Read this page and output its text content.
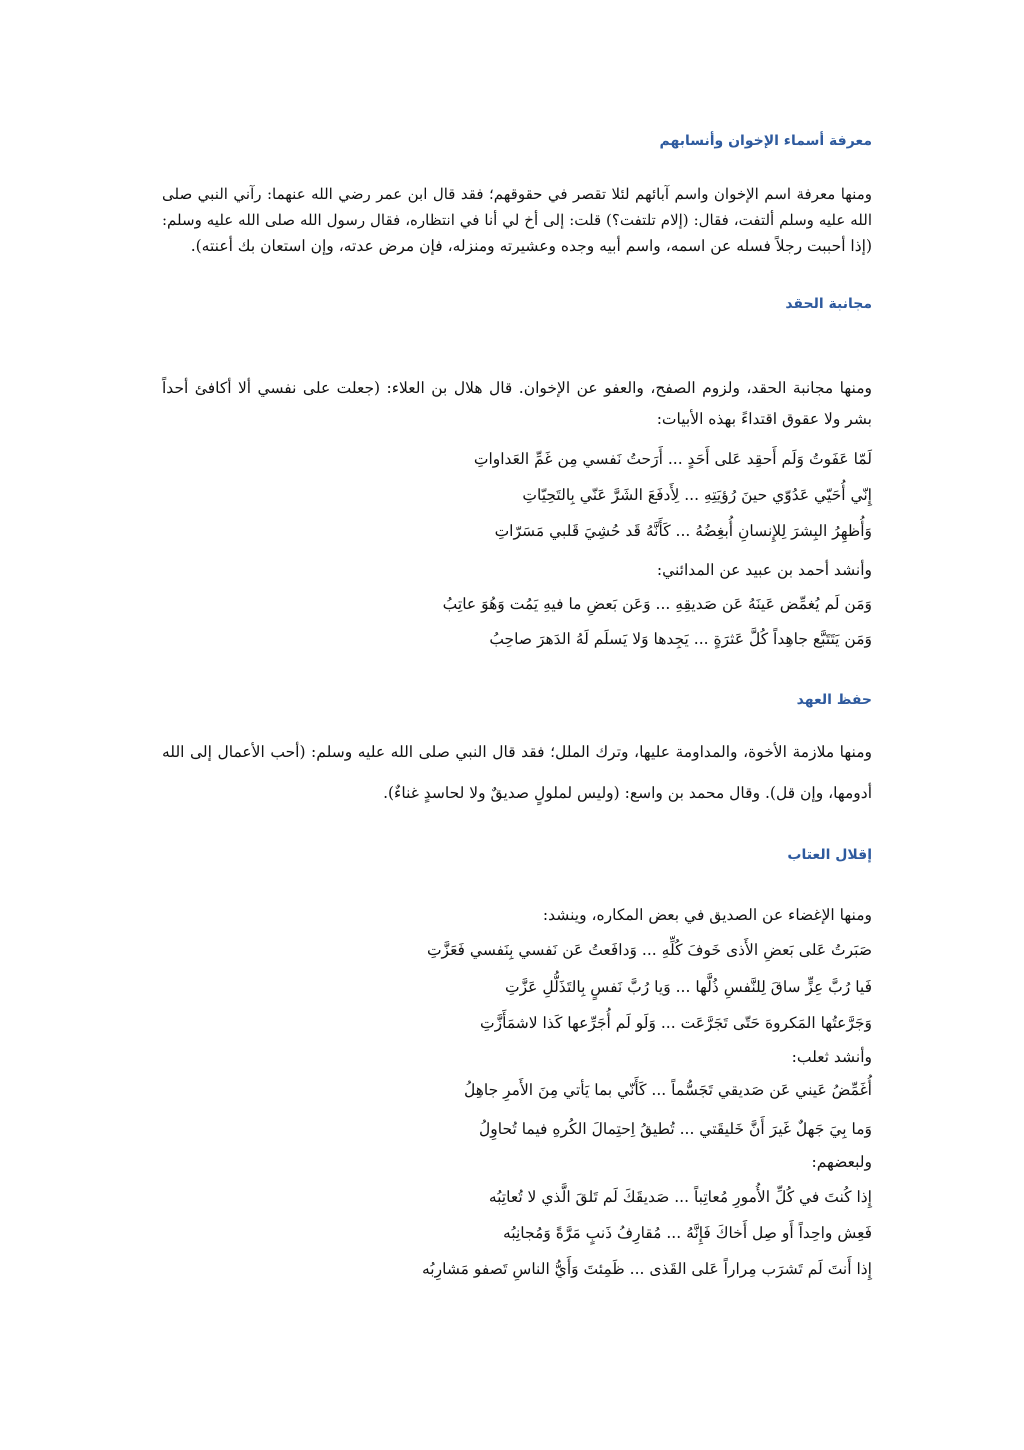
معرفة أسماء الإخوان وأنسابهم
ومنها معرفة اسم الإخوان واسم آبائهم لئلا تقصر في حقوقهم؛ فقد قال ابن عمر رضي الله عنهما: رآني النبي صلى
الله عليه وسلم ألتفت، فقال: (إلام تلتفت؟) قلت: إلى أخ لي أنا في انتظاره، فقال رسول الله صلى الله عليه وسلم:
(إذا أحببت رجلاً فسله عن اسمه، واسم أبيه وجده وعشيرته ومنزله، فإن مرض عدته، وإن استعان بك أعنته).
مجانبة الحقد
ومنها مجانبة الحقد، ولزوم الصفح، والعفو عن الإخوان. قال هلال بن العلاء: (جعلت على نفسي ألا أكافئ أحداً
بشر ولا عقوق اقتداءً بهذه الأبيات:
لَمّا عَفَوتُ وَلَم أَحقِد عَلى أَحَدٍ ... أَرَحتُ نَفسي مِن غَمِّ العَداواتِ
إِنّي أُحَيّي عَدُوّي حينَ رُؤيَتِهِ ... لِأَدفَعَ الشَرَّ عَنّي بِالتَحِيّاتِ
وَأُظهِرُ البِشرَ لِلإِنسانِ أُبغِضُهُ ... كَأَنَّهُ قَد حُشِيَ قَلبي مَسَرّاتِ
وأنشد أحمد بن عبيد عن المدائني:
وَمَن لَم يُغمِّض عَينَهُ عَن صَديقِهِ ... وَعَن بَعضِ ما فيهِ يَمُت وَهُوَ عاتِبُ
وَمَن يَتَتَبَّع جاهِداً كُلَّ عَثرَةٍ ... يَجِدها وَلا يَسلَم لَهُ الدَهرَ صاحِبُ
حفظ العهد
ومنها ملازمة الأخوة، والمداومة عليها، وترك الملل؛ فقد قال النبي صلى الله عليه وسلم: (أحب الأعمال إلى الله
أدومها، وإن قل). وقال محمد بن واسع: (وليس لملولٍ صديقٌ ولا لحاسدٍ غناءٌ).
إقلال العتاب
ومنها الإغضاء عن الصديق في بعض المكاره، وينشد:
صَبَرتُ عَلى بَعضِ الأَذى خَوفَ كُلِّهِ ... وَدافَعتُ عَن نَفسي بِنَفسي فَعَزَّتِ
فَيا رُبَّ عِزٍّ ساقَ لِلنَّفسِ ذُلَّها ... وَيا رُبَّ نَفسٍ بِالتَذَلُّلِ عَزَّتِ
وَجَرَّعتُها المَكروهَ حَتّى تَجَرَّعَت ... وَلَو لَم أُجَرِّعها كَذا لاشمَأَزَّتِ
وأنشد ثعلب:
أُغَمِّضُ عَيني عَن صَديقي تَجَسُّماً ... كَأَنّي بما يَأتي مِنَ الأَمرِ جاهِلُ
وَما بِيَ جَهلٌ غَيرَ أَنَّ خَليقَتي ... تُطيقُ اِحتِمالَ الكُرهِ فيما تُحاوِلُ
ولبعضهم:
إِذا كُنتَ في كُلِّ الأُمورِ مُعاتِباً ... صَديقَكَ لَم تَلقَ الَّذي لا تُعاتِبُه
فَعِش واحِداً أَو صِل أَخاكَ فَإِنَّهُ ... مُقارِفُ ذَنبٍ مَرَّةً وَمُجانِبُه
إِذا أَنتَ لَم تَشرَب مِراراً عَلى القَذى ... ظَمِئتَ وَأَيُّ الناسِ تَصفو مَشارِبُه
